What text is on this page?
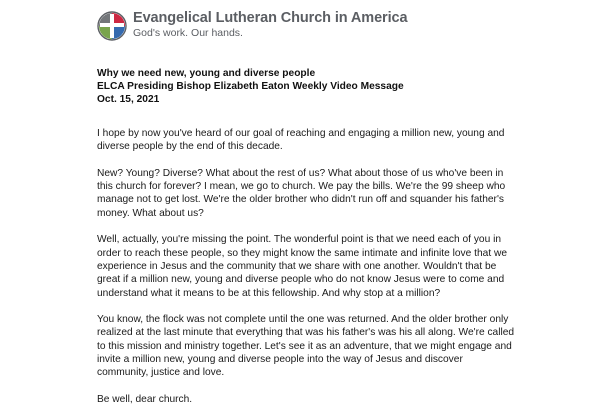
Evangelical Lutheran Church in America
God's work. Our hands.
Why we need new, young and diverse people
ELCA Presiding Bishop Elizabeth Eaton Weekly Video Message
Oct. 15, 2021

I hope by now you've heard of our goal of reaching and engaging a million new, young and diverse people by the end of this decade.

New? Young? Diverse? What about the rest of us? What about those of us who've been in this church for forever? I mean, we go to church. We pay the bills. We're the 99 sheep who manage not to get lost. We're the older brother who didn't run off and squander his father's money. What about us?

Well, actually, you're missing the point. The wonderful point is that we need each of you in order to reach these people, so they might know the same intimate and infinite love that we experience in Jesus and the community that we share with one another. Wouldn't that be great if a million new, young and diverse people who do not know Jesus were to come and understand what it means to be at this fellowship. And why stop at a million?

You know, the flock was not complete until the one was returned. And the older brother only realized at the last minute that everything that was his father's was his all along. We're called to this mission and ministry together. Let's see it as an adventure, that we might engage and invite a million new, young and diverse people into the way of Jesus and discover community, justice and love.

Be well, dear church.
